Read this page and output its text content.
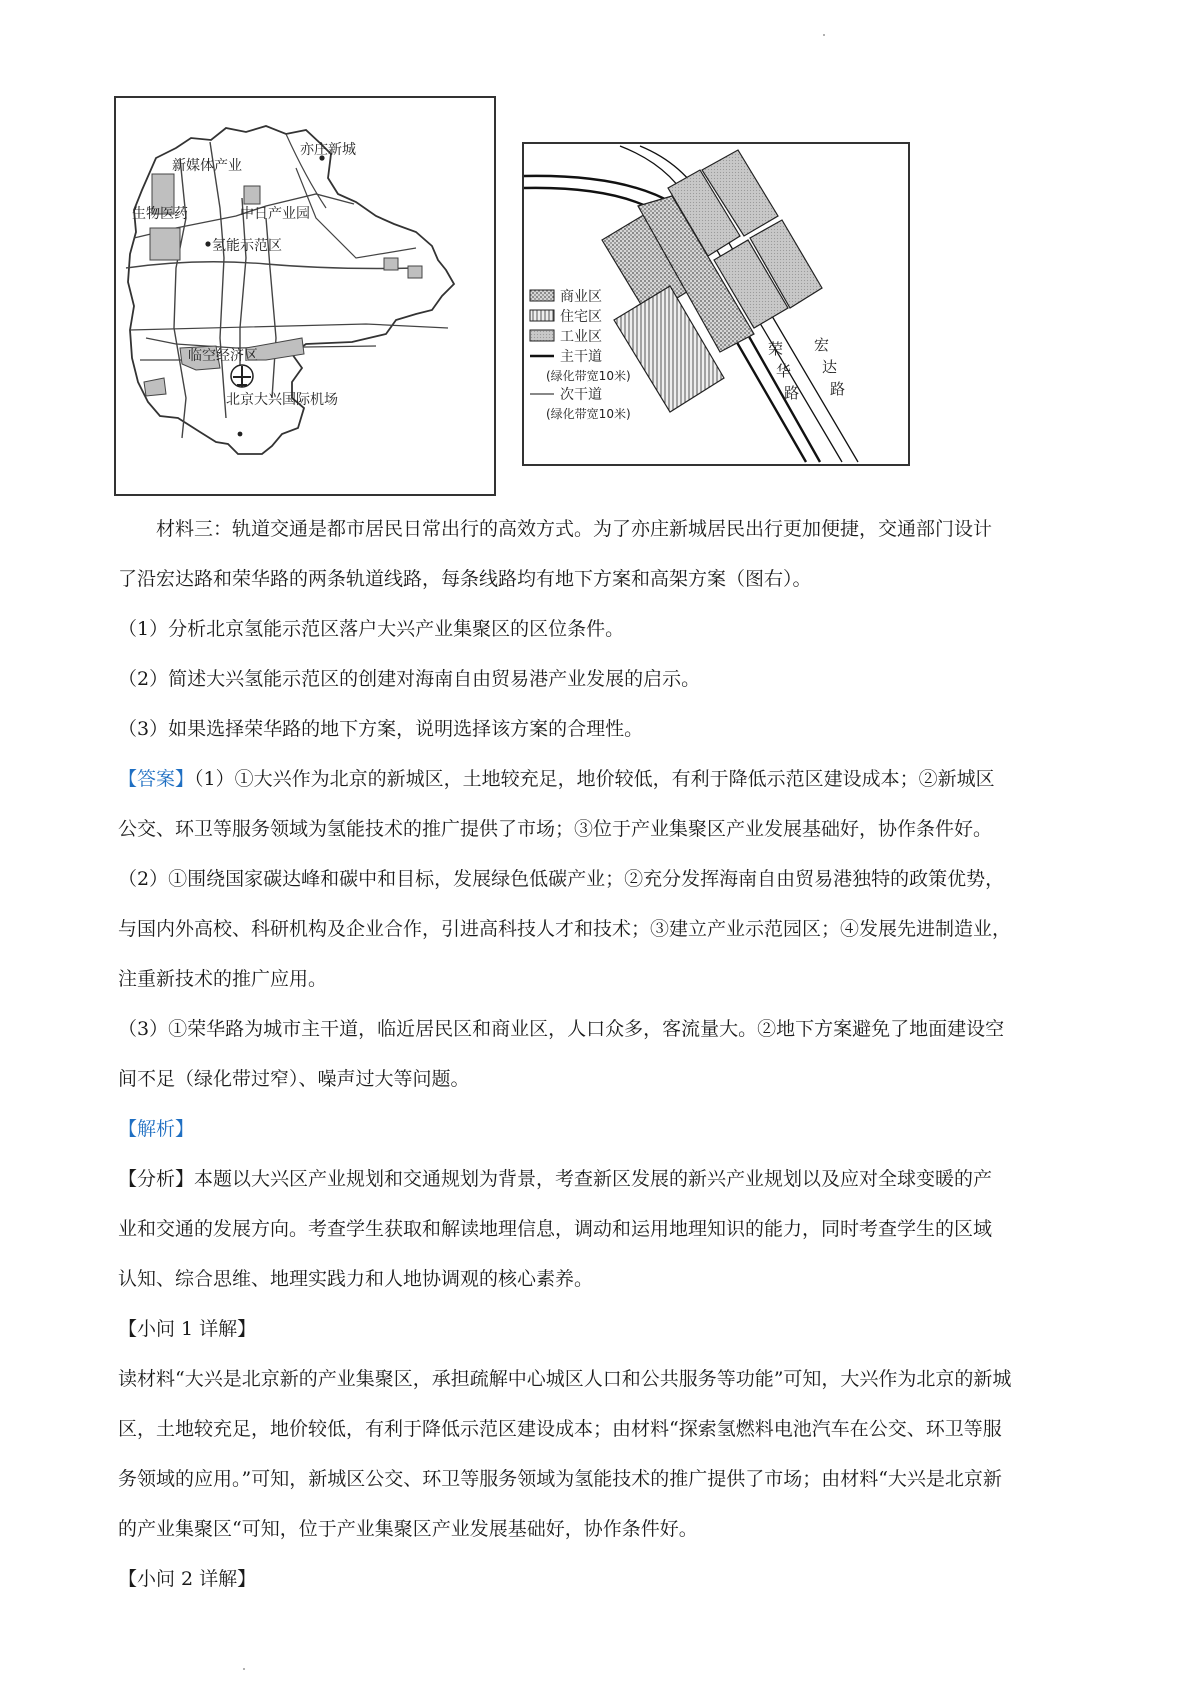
新媒体产业
亦庄新城
生物医药	中日产业园
氢能示范区
临空经济区
北京大兴国际机场
商业区
住宅区
工业区
主干道
(绿化带宽10米)
次干道
(绿化带宽10米)
荣
华
路
宏
达
路

材料三：轨道交通是都市居民日常出行的高效方式。为了亦庄新城居民出行更加便捷，交通部门设计

了沿宏达路和荣华路的两条轨道线路，每条线路均有地下方案和高架方案（图右）。

（1）分析北京氢能示范区落户大兴产业集聚区的区位条件。

（2）简述大兴氢能示范区的创建对海南自由贸易港产业发展的启示。

（3）如果选择荣华路的地下方案，说明选择该方案的合理性。

【答案】（1）①大兴作为北京的新城区，土地较充足，地价较低，有利于降低示范区建设成本；②新城区

公交、环卫等服务领域为氢能技术的推广提供了市场；③位于产业集聚区产业发展基础好，协作条件好。

（2）①围绕国家碳达峰和碳中和目标，发展绿色低碳产业；②充分发挥海南自由贸易港独特的政策优势，

与国内外高校、科研机构及企业合作，引进高科技人才和技术；③建立产业示范园区；④发展先进制造业，

注重新技术的推广应用。

（3）①荣华路为城市主干道，临近居民区和商业区，人口众多，客流量大。②地下方案避免了地面建设空

间不足（绿化带过窄）、噪声过大等问题。

【解析】

【分析】本题以大兴区产业规划和交通规划为背景，考查新区发展的新兴产业规划以及应对全球变暖的产

业和交通的发展方向。考查学生获取和解读地理信息，调动和运用地理知识的能力，同时考查学生的区域

认知、综合思维、地理实践力和人地协调观的核心素养。

【小问 1 详解】

读材料“大兴是北京新的产业集聚区，承担疏解中心城区人口和公共服务等功能”可知，大兴作为北京的新城

区，土地较充足，地价较低，有利于降低示范区建设成本；由材料“探索氢燃料电池汽车在公交、环卫等服

务领域的应用。”可知，新城区公交、环卫等服务领域为氢能技术的推广提供了市场；由材料“大兴是北京新

的产业集聚区“可知，位于产业集聚区产业发展基础好，协作条件好。

【小问 2 详解】
